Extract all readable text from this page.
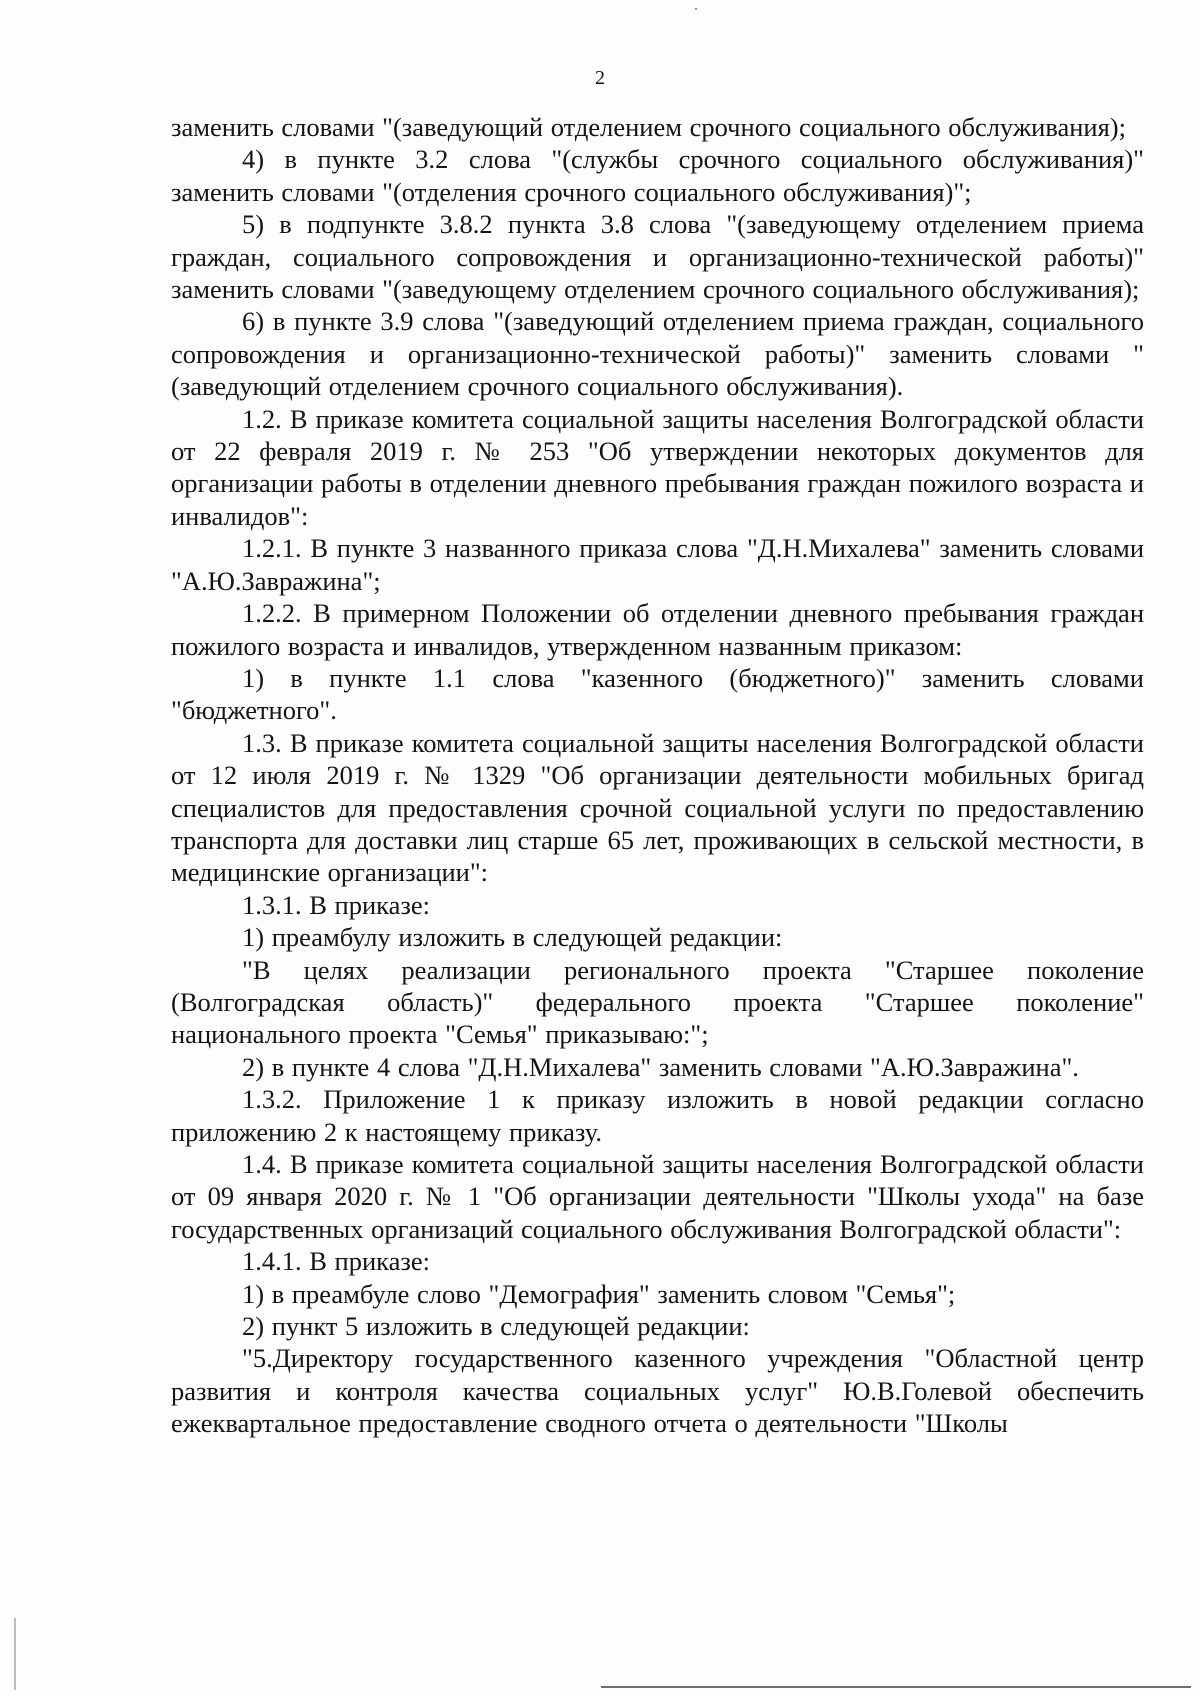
2

заменить словами "(заведующий отделением срочного социального обслуживания);

4) в пункте 3.2 слова "(службы срочного социального обслуживания)" заменить словами "(отделения срочного социального обслуживания)";

5) в подпункте 3.8.2 пункта 3.8 слова "(заведующему отделением приема граждан, социального сопровождения и организационно-технической работы)" заменить словами "(заведующему отделением срочного социального обслуживания);

6) в пункте 3.9 слова "(заведующий отделением приема граждан, социального сопровождения и организационно-технической работы)" заменить словами "(заведующий отделением срочного социального обслуживания).

1.2. В приказе комитета социальной защиты населения Волгоградской области от 22 февраля 2019 г. № 253 "Об утверждении некоторых документов для организации работы в отделении дневного пребывания граждан пожилого возраста и инвалидов":

1.2.1. В пункте 3 названного приказа слова "Д.Н.Михалева" заменить словами "А.Ю.Завражина";

1.2.2. В примерном Положении об отделении дневного пребывания граждан пожилого возраста и инвалидов, утвержденном названным приказом:

1) в пункте 1.1 слова "казенного (бюджетного)" заменить словами "бюджетного".

1.3. В приказе комитета социальной защиты населения Волгоградской области от 12 июля 2019 г. № 1329 "Об организации деятельности мобильных бригад специалистов для предоставления срочной социальной услуги по предоставлению транспорта для доставки лиц старше 65 лет, проживающих в сельской местности, в медицинские организации":

1.3.1. В приказе:

1) преамбулу изложить в следующей редакции:

"В целях реализации регионального проекта "Старшее поколение (Волгоградская область)" федерального проекта "Старшее поколение" национального проекта "Семья" приказываю:";

2) в пункте 4 слова "Д.Н.Михалева" заменить словами "А.Ю.Завражина".

1.3.2. Приложение 1 к приказу изложить в новой редакции согласно приложению 2 к настоящему приказу.

1.4. В приказе комитета социальной защиты населения Волгоградской области от 09 января 2020 г. № 1 "Об организации деятельности "Школы ухода" на базе государственных организаций социального обслуживания Волгоградской области":

1.4.1. В приказе:

1) в преамбуле слово "Демография" заменить словом "Семья";

2) пункт 5 изложить в следующей редакции:

"5.Директору государственного казенного учреждения "Областной центр развития и контроля качества социальных услуг" Ю.В.Голевой обеспечить ежеквартальное предоставление сводного отчета о деятельности "Школы
